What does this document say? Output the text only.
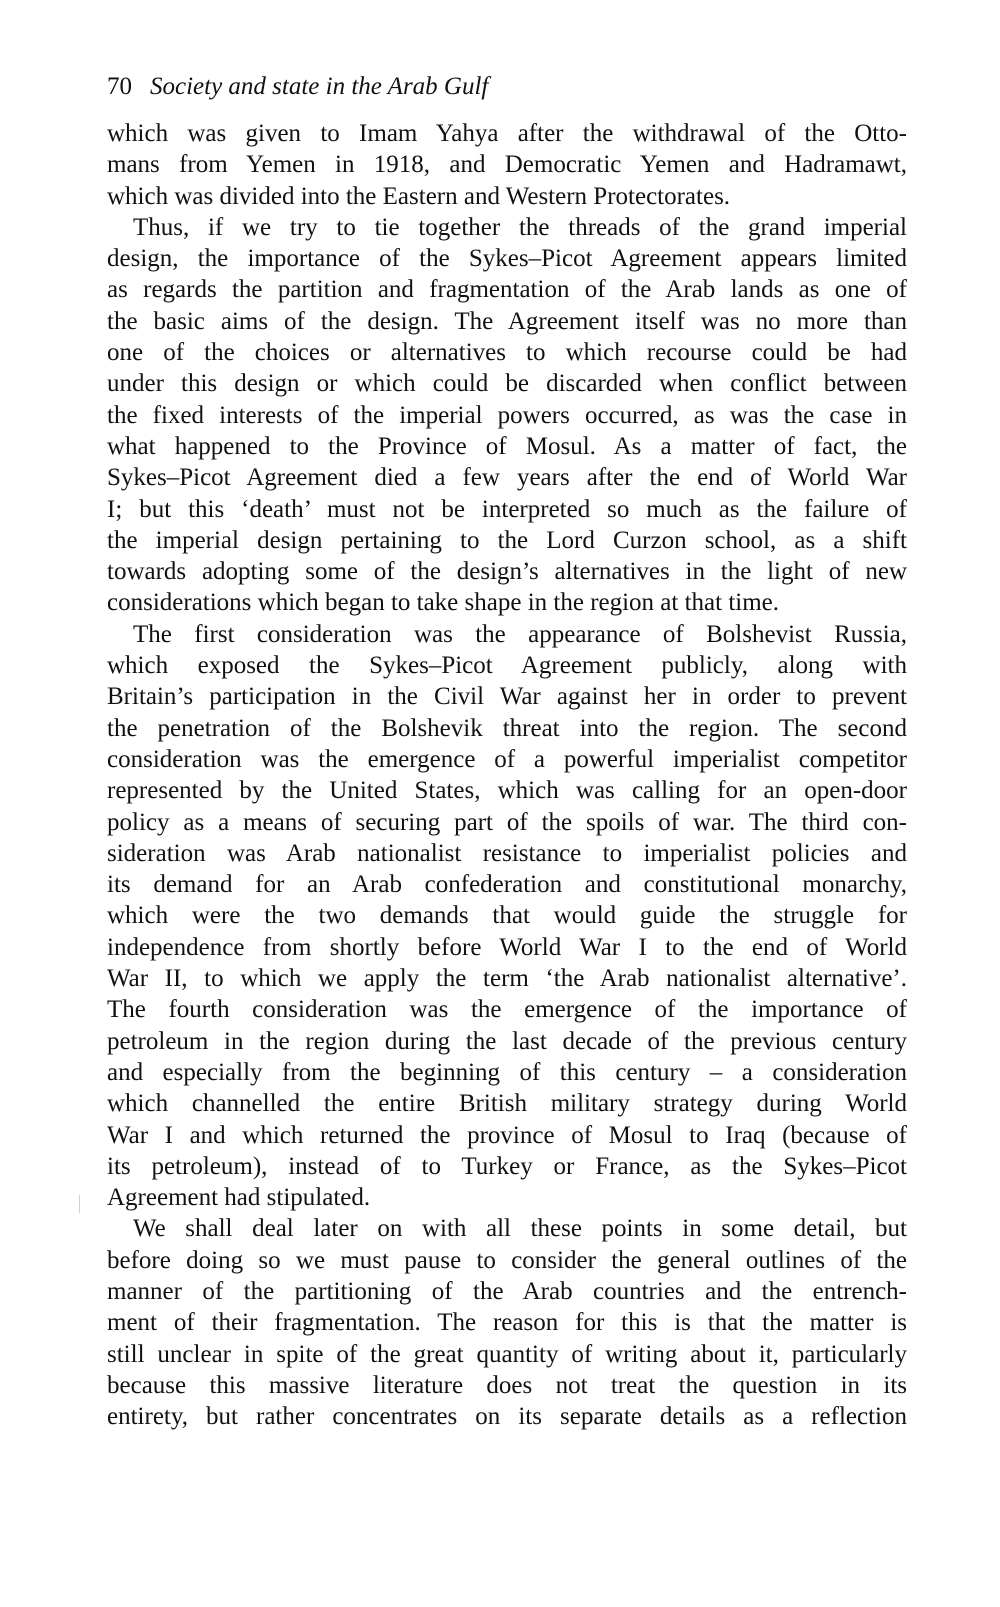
70 Society and state in the Arab Gulf
which was given to Imam Yahya after the withdrawal of the Otto-
mans from Yemen in 1918, and Democratic Yemen and Hadramawt,
which was divided into the Eastern and Western Protectorates.
Thus, if we try to tie together the threads of the grand imperial
design, the importance of the Sykes–Picot Agreement appears limited
as regards the partition and fragmentation of the Arab lands as one of
the basic aims of the design. The Agreement itself was no more than
one of the choices or alternatives to which recourse could be had
under this design or which could be discarded when conflict between
the fixed interests of the imperial powers occurred, as was the case in
what happened to the Province of Mosul. As a matter of fact, the
Sykes–Picot Agreement died a few years after the end of World War
I; but this ‘death’ must not be interpreted so much as the failure of
the imperial design pertaining to the Lord Curzon school, as a shift
towards adopting some of the design’s alternatives in the light of new
considerations which began to take shape in the region at that time.
The first consideration was the appearance of Bolshevist Russia,
which exposed the Sykes–Picot Agreement publicly, along with
Britain’s participation in the Civil War against her in order to prevent
the penetration of the Bolshevik threat into the region. The second
consideration was the emergence of a powerful imperialist competitor
represented by the United States, which was calling for an open-door
policy as a means of securing part of the spoils of war. The third con-
sideration was Arab nationalist resistance to imperialist policies and
its demand for an Arab confederation and constitutional monarchy,
which were the two demands that would guide the struggle for
independence from shortly before World War I to the end of World
War II, to which we apply the term ‘the Arab nationalist alternative’.
The fourth consideration was the emergence of the importance of
petroleum in the region during the last decade of the previous century
and especially from the beginning of this century – a consideration
which channelled the entire British military strategy during World
War I and which returned the province of Mosul to Iraq (because of
its petroleum), instead of to Turkey or France, as the Sykes–Picot
Agreement had stipulated.
We shall deal later on with all these points in some detail, but
before doing so we must pause to consider the general outlines of the
manner of the partitioning of the Arab countries and the entrench-
ment of their fragmentation. The reason for this is that the matter is
still unclear in spite of the great quantity of writing about it, particularly
because this massive literature does not treat the question in its
entirety, but rather concentrates on its separate details as a reflection
